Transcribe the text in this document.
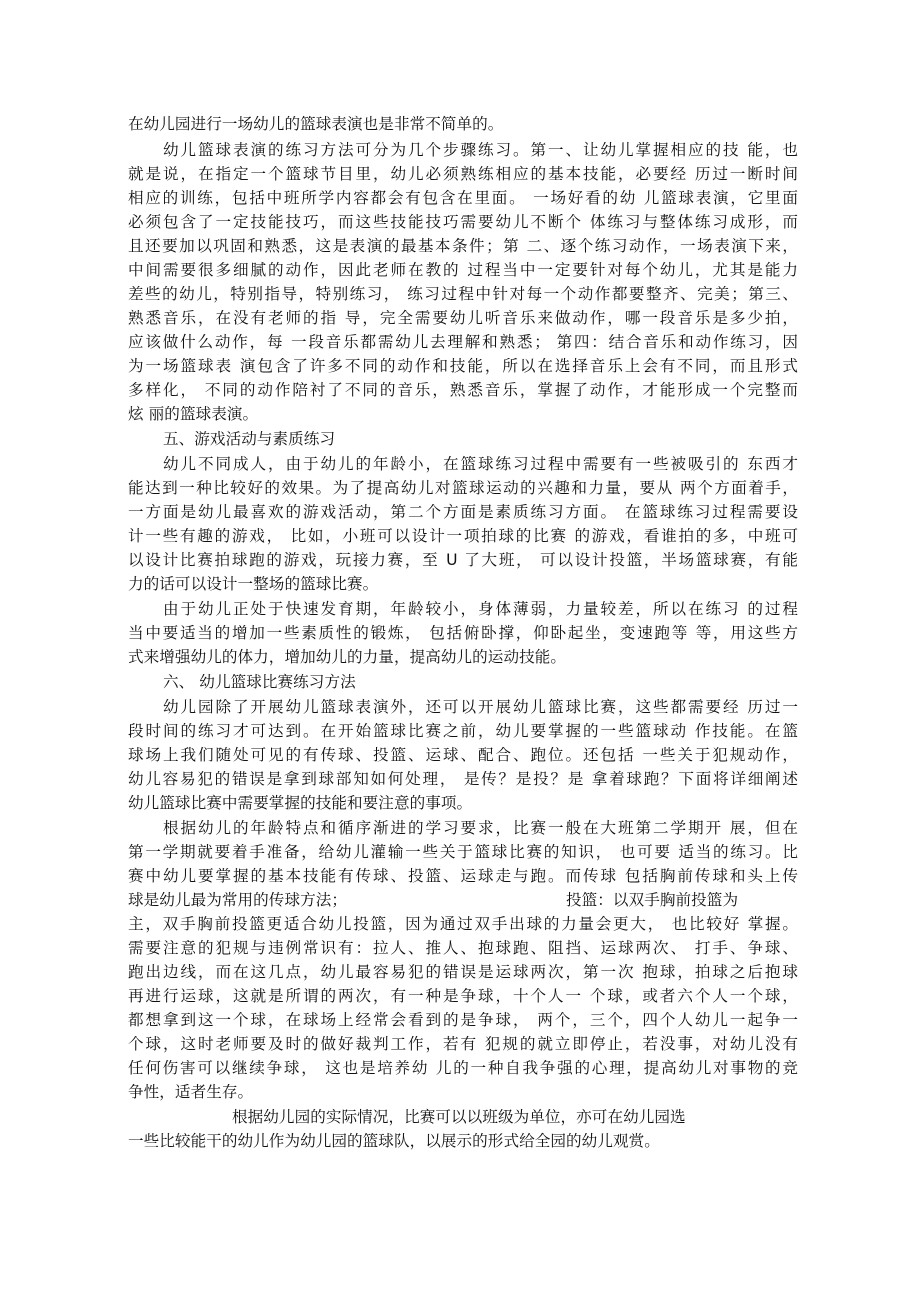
在幼儿园进行一场幼儿的篮球表演也是非常不简单的。
幼儿篮球表演的练习方法可分为几个步骤练习。第一、让幼儿掌握相应的技 能，也
就是说，在指定一个篮球节目里，幼儿必须熟练相应的基本技能，必要经 历过一断时间
相应的训练，包括中班所学内容都会有包含在里面。 一场好看的幼 儿篮球表演，它里面
必须包含了一定技能技巧，而这些技能技巧需要幼儿不断个 体练习与整体练习成形，而
且还要加以巩固和熟悉，这是表演的最基本条件；第 二、逐个练习动作，一场表演下来，
中间需要很多细腻的动作，因此老师在教的 过程当中一定要针对每个幼儿，尤其是能力
差些的幼儿，特别指导，特别练习， 练习过程中针对每一个动作都要整齐、完美；第三、
熟悉音乐，在没有老师的指 导，完全需要幼儿听音乐来做动作，哪一段音乐是多少拍，
应该做什么动作，每 一段音乐都需幼儿去理解和熟悉； 第四：结合音乐和动作练习，因
为一场篮球表 演包含了许多不同的动作和技能，所以在选择音乐上会有不同，而且形式
多样化， 不同的动作陪衬了不同的音乐，熟悉音乐，掌握了动作，才能形成一个完整而
炫 丽的篮球表演。
五、游戏活动与素质练习
幼儿不同成人，由于幼儿的年龄小，在篮球练习过程中需要有一些被吸引的 东西才
能达到一种比较好的效果。为了提高幼儿对篮球运动的兴趣和力量，要从 两个方面着手，
一方面是幼儿最喜欢的游戏活动，第二个方面是素质练习方面。 在篮球练习过程需要设
计一些有趣的游戏， 比如，小班可以设计一项拍球的比赛 的游戏，看谁拍的多，中班可
以设计比赛拍球跑的游戏，玩接力赛，至 U 了大班， 可以设计投篮，半场篮球赛，有能
力的话可以设计一整场的篮球比赛。
由于幼儿正处于快速发育期，年龄较小，身体薄弱，力量较差，所以在练习 的过程
当中要适当的增加一些素质性的锻炼， 包括俯卧撑，仰卧起坐，变速跑等 等，用这些方
式来增强幼儿的体力，增加幼儿的力量，提高幼儿的运动技能。
六、 幼儿篮球比赛练习方法
幼儿园除了开展幼儿篮球表演外，还可以开展幼儿篮球比赛，这些都需要经 历过一
段时间的练习才可达到。在开始篮球比赛之前，幼儿要掌握的一些篮球动 作技能。在篮
球场上我们随处可见的有传球、投篮、运球、配合、跑位。还包括 一些关于犯规动作，
幼儿容易犯的错误是拿到球部知如何处理， 是传？是投？是 拿着球跑？下面将详细阐述
幼儿篮球比赛中需要掌握的技能和要注意的事项。
根据幼儿的年龄特点和循序渐进的学习要求，比赛一般在大班第二学期开 展，但在
第一学期就要着手准备，给幼儿灌输一些关于篮球比赛的知识， 也可要 适当的练习。比
赛中幼儿要掌握的基本技能有传球、投篮、运球走与跑。而传球 包括胸前传球和头上传
球是幼儿最为常用的传球方法；	投篮：以双手胸前投篮为
主，双手胸前投篮更适合幼儿投篮，因为通过双手出球的力量会更大， 也比较好 掌握。
需要注意的犯规与违例常识有：拉人、推人、抱球跑、阻挡、运球两次、 打手、争球、
跑出边线，而在这几点，幼儿最容易犯的错误是运球两次，第一次 抱球，拍球之后抱球
再进行运球，这就是所谓的两次，有一种是争球，十个人一 个球，或者六个人一个球，
都想拿到这一个球，在球场上经常会看到的是争球， 两个，三个，四个人幼儿一起争一
个球，这时老师要及时的做好裁判工作，若有 犯规的就立即停止，若没事，对幼儿没有
任何伤害可以继续争球， 这也是培养幼 儿的一种自我争强的心理，提高幼儿对事物的竞
争性，适者生存。
根据幼儿园的实际情况，比赛可以以班级为单位，亦可在幼儿园选
一些比较能干的幼儿作为幼儿园的篮球队，以展示的形式给全园的幼儿观赏。
